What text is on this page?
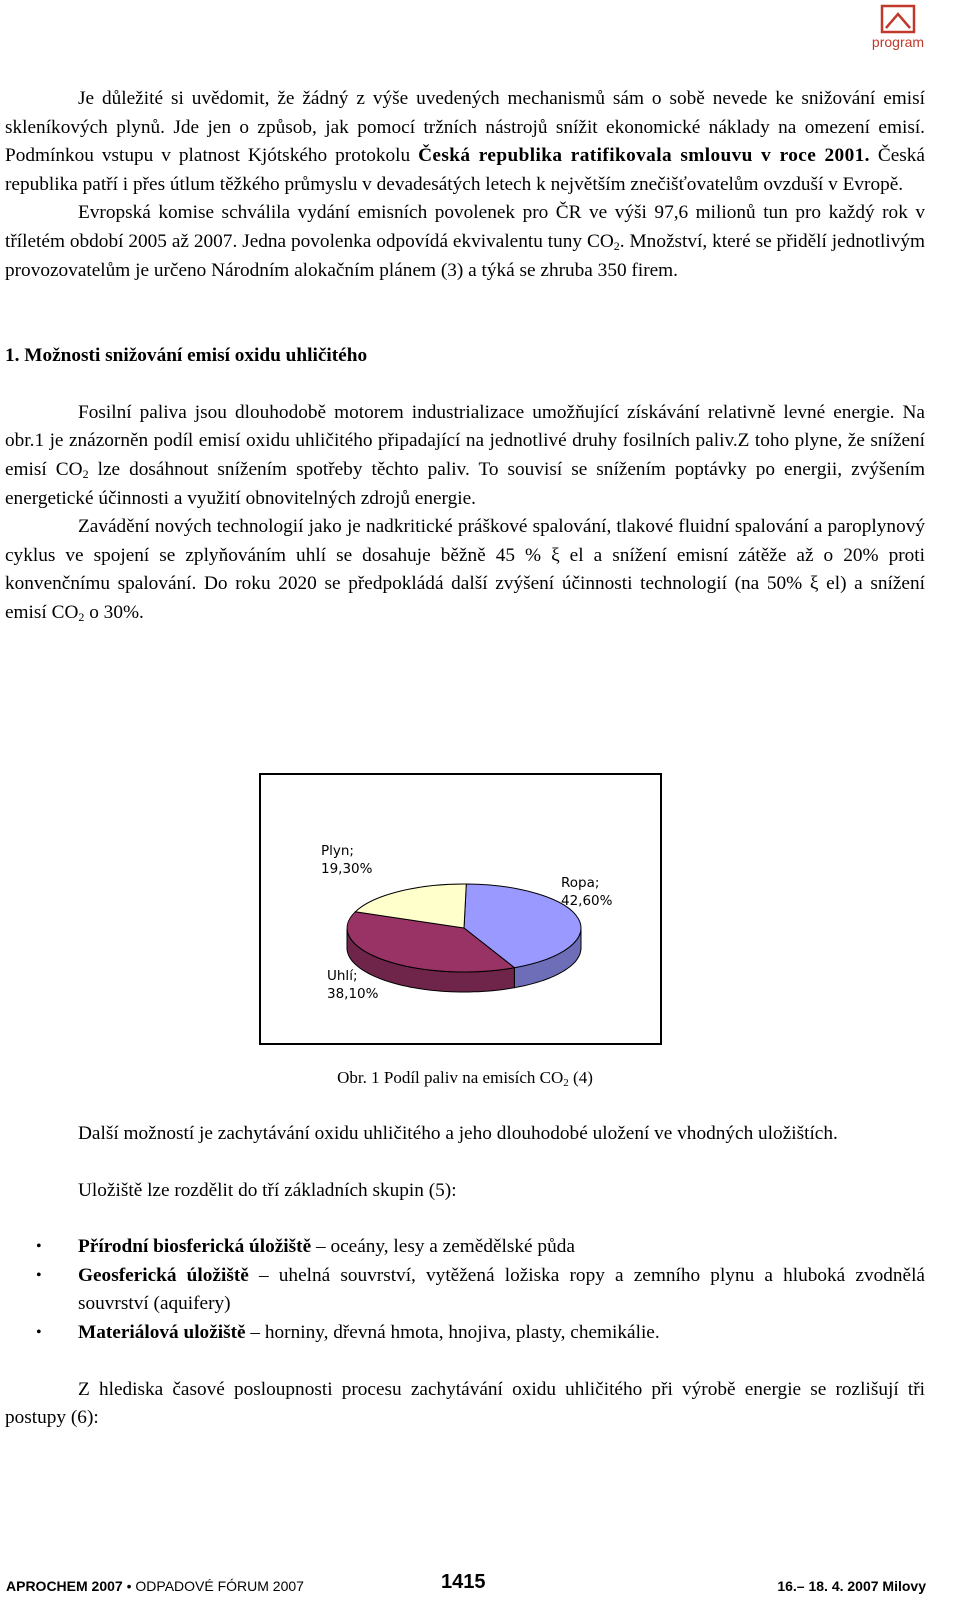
program

Je důležité si uvědomit, že žádný z výše uvedených mechanismů sám o sobě nevede ke snižování emisí skleníkových plynů. Jde jen o způsob, jak pomocí tržních nástrojů snížit ekonomické náklady na omezení emisí. Podmínkou vstupu v platnost Kjótského protokolu Česká republika ratifikovala smlouvu v roce 2001. Česká republika patří i přes útlum těžkého průmyslu v devadesátých letech k největším znečišťovatelům ovzduší v Evropě.

Evropská komise schválila vydání emisních povolenek pro ČR ve výši 97,6 milionů tun pro každý rok v tříletém období 2005 až 2007. Jedna povolenka odpovídá ekvivalentu tuny $CO_2$. Množství, které se přidělí jednotlivým provozovatelům je určeno Národním alokačním plánem (3) a týká se zhruba 350 firem.

1. Možnosti snižování emisí oxidu uhličitého

Fosilní paliva jsou dlouhodobě motorem industrializace umožňující získávání relativně levné energie. Na obr.1 je znázorněn podíl emisí oxidu uhličitého připadající na jednotlivé druhy fosilních paliv.Z toho plyne, že snížení emisí $CO_2$ lze dosáhnout snížením spotřeby těchto paliv. To souvisí se snížením poptávky po energii, zvýšením energetické účinnosti a využití obnovitelných zdrojů energie.

Zavádění nových technologií jako je nadkritické práškové spalování, tlakové fluidní spalování a paroplynový cyklus ve spojení se zplyňováním uhlí se dosahuje běžně 45 % ξ el a snížení emisní zátěže až o 20% proti konvenčnímu spalování. Do roku 2020 se předpokládá další zvýšení účinnosti technologií (na 50% ξ el) a snížení emisí $CO_2$ o 30%.

Ropa; 42,60%
Uhlí; 38,10%
Plyn; 19,30%
Obr. 1 Podíl paliv na emisích $CO_2$ (4)

Další možností je zachytávání oxidu uhličitého a jeho dlouhodobé uložení ve vhodných uložištích.

Uložiště lze rozdělit do tří základních skupin (5):

• Přírodní biosferická úložiště – oceány, lesy a zemědělské půda
• Geosferická úložiště – uhelná souvrství, vytěžená ložiska ropy a zemního plynu a hluboká zvodnělá souvrství (aquifery)
• Materiálová uložiště – horniny, dřevná hmota, hnojiva, plasty, chemikálie.

Z hlediska časové posloupnosti procesu zachytávání oxidu uhličitého při výrobě energie se rozlišují tři postupy (6):

APROCHEM 2007 • ODPADOVÉ FÓRUM 2007	1415	16.– 18. 4. 2007 Milovy
